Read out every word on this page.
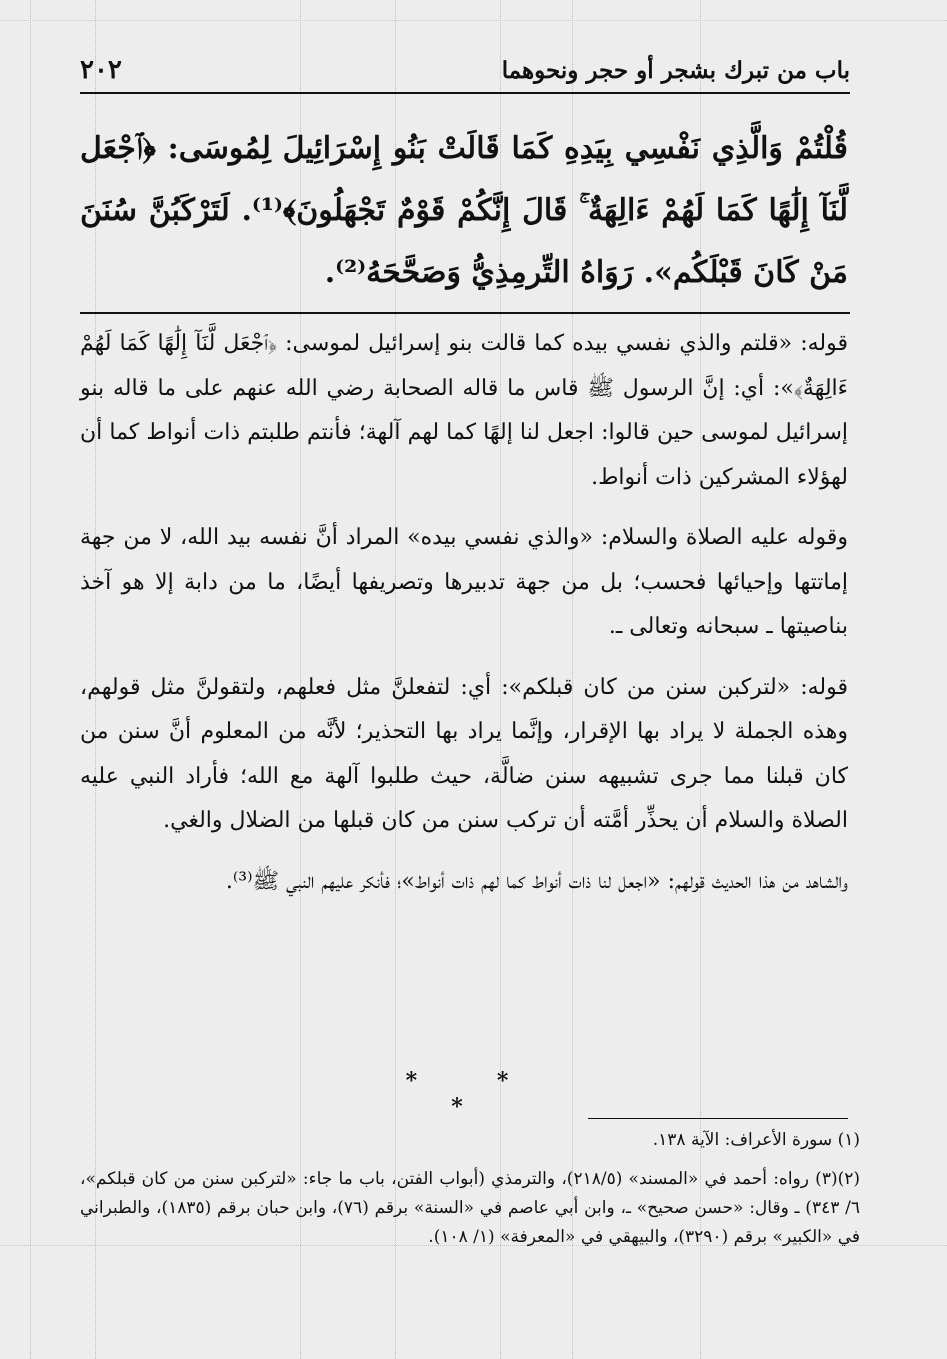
باب من تبرك بشجر أو حجر ونحوهما
٢٠٢
قُلْتُمْ وَالَّذِي نَفْسِي بِيَدِهِ كَمَا قَالَتْ بَنُو إِسْرَائِيلَ لِمُوسَى: ﴿ٱجْعَل لَّنَآ إِلَٰهًا كَمَا لَهُمْ ءَالِهَةٌ ۚ قَالَ إِنَّكُمْ قَوْمٌ تَجْهَلُونَ﴾⁽¹⁾. لَتَرْكَبُنَّ سُنَنَ مَنْ كَانَ قَبْلَكُم». رَوَاهُ التِّرمِذِيُّ وَصَحَّحَهُ⁽²⁾.

قوله: «قلتم والذي نفسي بيده كما قالت بنو إسرائيل لموسى: ﴿ٱجْعَل لَّنَآ إِلَٰهًا كَمَا لَهُمْ ءَالِهَةٌ﴾»: أي: إنَّ الرسول ﷺ قاس ما قاله الصحابة رضي الله عنهم على ما قاله بنو إسرائيل لموسى حين قالوا: اجعل لنا إلهًا كما لهم آلهة؛ فأنتم طلبتم ذات أنواط كما أن لهؤلاء المشركين ذات أنواط.

وقوله عليه الصلاة والسلام: «والذي نفسي بيده» المراد أنَّ نفسه بيد الله، لا من جهة إماتتها وإحيائها فحسب؛ بل من جهة تدبيرها وتصريفها أيضًا، ما من دابة إلا هو آخذ بناصيتها ـ سبحانه وتعالى ـ.

قوله: «لتركبن سنن من كان قبلكم»: أي: لتفعلنَّ مثل فعلهم، ولتقولنَّ مثل قولهم، وهذه الجملة لا يراد بها الإقرار، وإنَّما يراد بها التحذير؛ لأنَّه من المعلوم أنَّ سنن من كان قبلنا مما جرى تشبيهه سنن ضالَّة، حيث طلبوا آلهة مع الله؛ فأراد النبي عليه الصلاة والسلام أن يحذِّر أمَّته أن تركب سنن من كان قبلها من الضلال والغي.

والشاهد من هذا الحديث قولهم: «اجعل لنا ذات أنواط كما لهم ذات أنواط»؛ فأنكر عليهم النبي ﷺ⁽³⁾.

* * *

(١) سورة الأعراف: الآية ١٣٨.

(٢)(٣) رواه: أحمد في «المسند» (٢١٨/٥)، والترمذي (أبواب الفتن، باب ما جاء: «لتركبن سنن من كان قبلكم»، ٦/ ٣٤٣) ـ وقال: «حسن صحيح» ـ، وابن أبي عاصم في «السنة» برقم (٧٦)، وابن حبان برقم (١٨٣٥)، والطبراني في «الكبير» برقم (٣٢٩٠)، والبيهقي في «المعرفة» (١/ ١٠٨).
